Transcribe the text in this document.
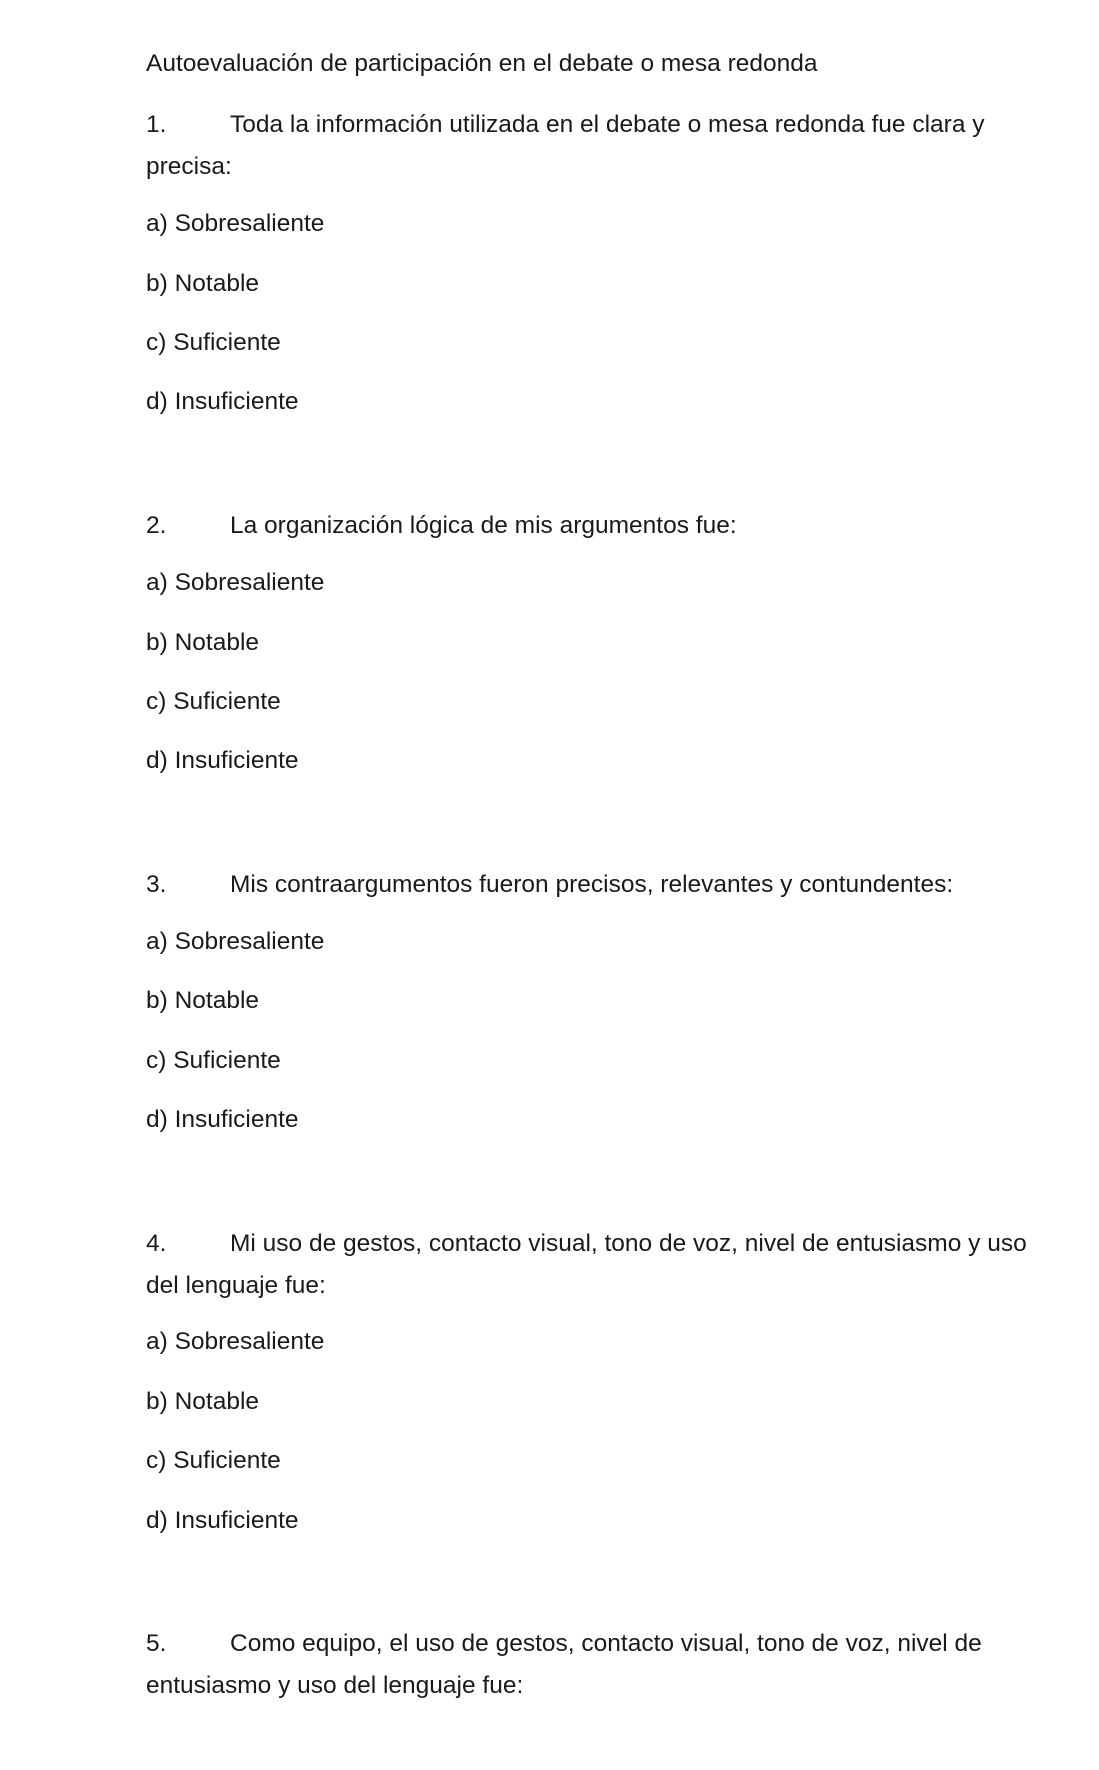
Autoevaluación de participación en el debate o mesa redonda
1.	Toda la información utilizada en el debate o mesa redonda fue clara y
precisa:
a) Sobresaliente
b) Notable
c) Suficiente
d) Insuficiente
2.	La organización lógica de mis argumentos fue:
a) Sobresaliente
b) Notable
c) Suficiente
d) Insuficiente
3.	Mis contraargumentos fueron precisos, relevantes y contundentes:
a) Sobresaliente
b) Notable
c) Suficiente
d) Insuficiente
4.	Mi uso de gestos, contacto visual, tono de voz, nivel de entusiasmo y uso
del lenguaje fue:
a) Sobresaliente
b) Notable
c) Suficiente
d) Insuficiente
5.	Como equipo, el uso de gestos, contacto visual, tono de voz, nivel de
entusiasmo y uso del lenguaje fue:
